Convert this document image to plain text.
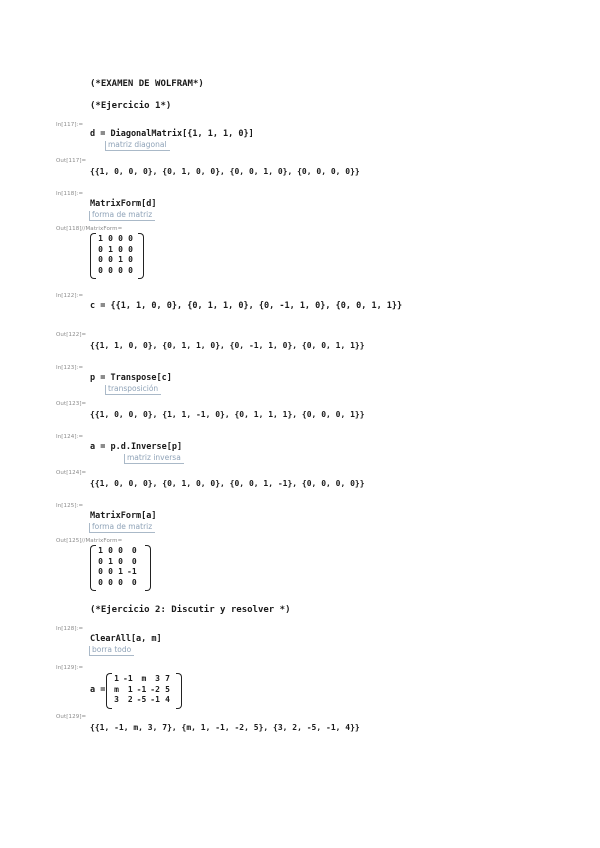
(*EXAMEN DE WOLFRAM*)
(*Ejercicio 1*)
In[117]:=
d = DiagonalMatrix[{1, 1, 1, 0}]
matriz diagonal
Out[117]=
{{1, 0, 0, 0}, {0, 1, 0, 0}, {0, 0, 1, 0}, {0, 0, 0, 0}}
In[118]:=
MatrixForm[d]
forma de matriz
Out[118]//MatrixForm=
1	0	0	0
0	1	0	0
0	0	1	0
0	0	0	0
In[122]:=
c = {{1, 1, 0, 0}, {0, 1, 1, 0}, {0, -1, 1, 0}, {0, 0, 1, 1}}
Out[122]=
{{1, 1, 0, 0}, {0, 1, 1, 0}, {0, -1, 1, 0}, {0, 0, 1, 1}}
In[123]:=
p = Transpose[c]
transposición
Out[123]=
{{1, 0, 0, 0}, {1, 1, -1, 0}, {0, 1, 1, 1}, {0, 0, 0, 1}}
In[124]:=
a = p.d.Inverse[p]
matriz inversa
Out[124]=
{{1, 0, 0, 0}, {0, 1, 0, 0}, {0, 0, 1, -1}, {0, 0, 0, 0}}
In[125]:=
MatrixForm[a]
forma de matriz
Out[125]//MatrixForm=
1	0	0	0
0	1	0	0
0	0	1	-1
0	0	0	0
(*Ejercicio 2: Discutir y resolver *)
In[128]:=
ClearAll[a, m]
borra todo
In[129]:=
a =
1	-1	m	3	7
m	1	-1	-2	5
3	2	-5	-1	4
Out[129]=
{{1, -1, m, 3, 7}, {m, 1, -1, -2, 5}, {3, 2, -5, -1, 4}}
